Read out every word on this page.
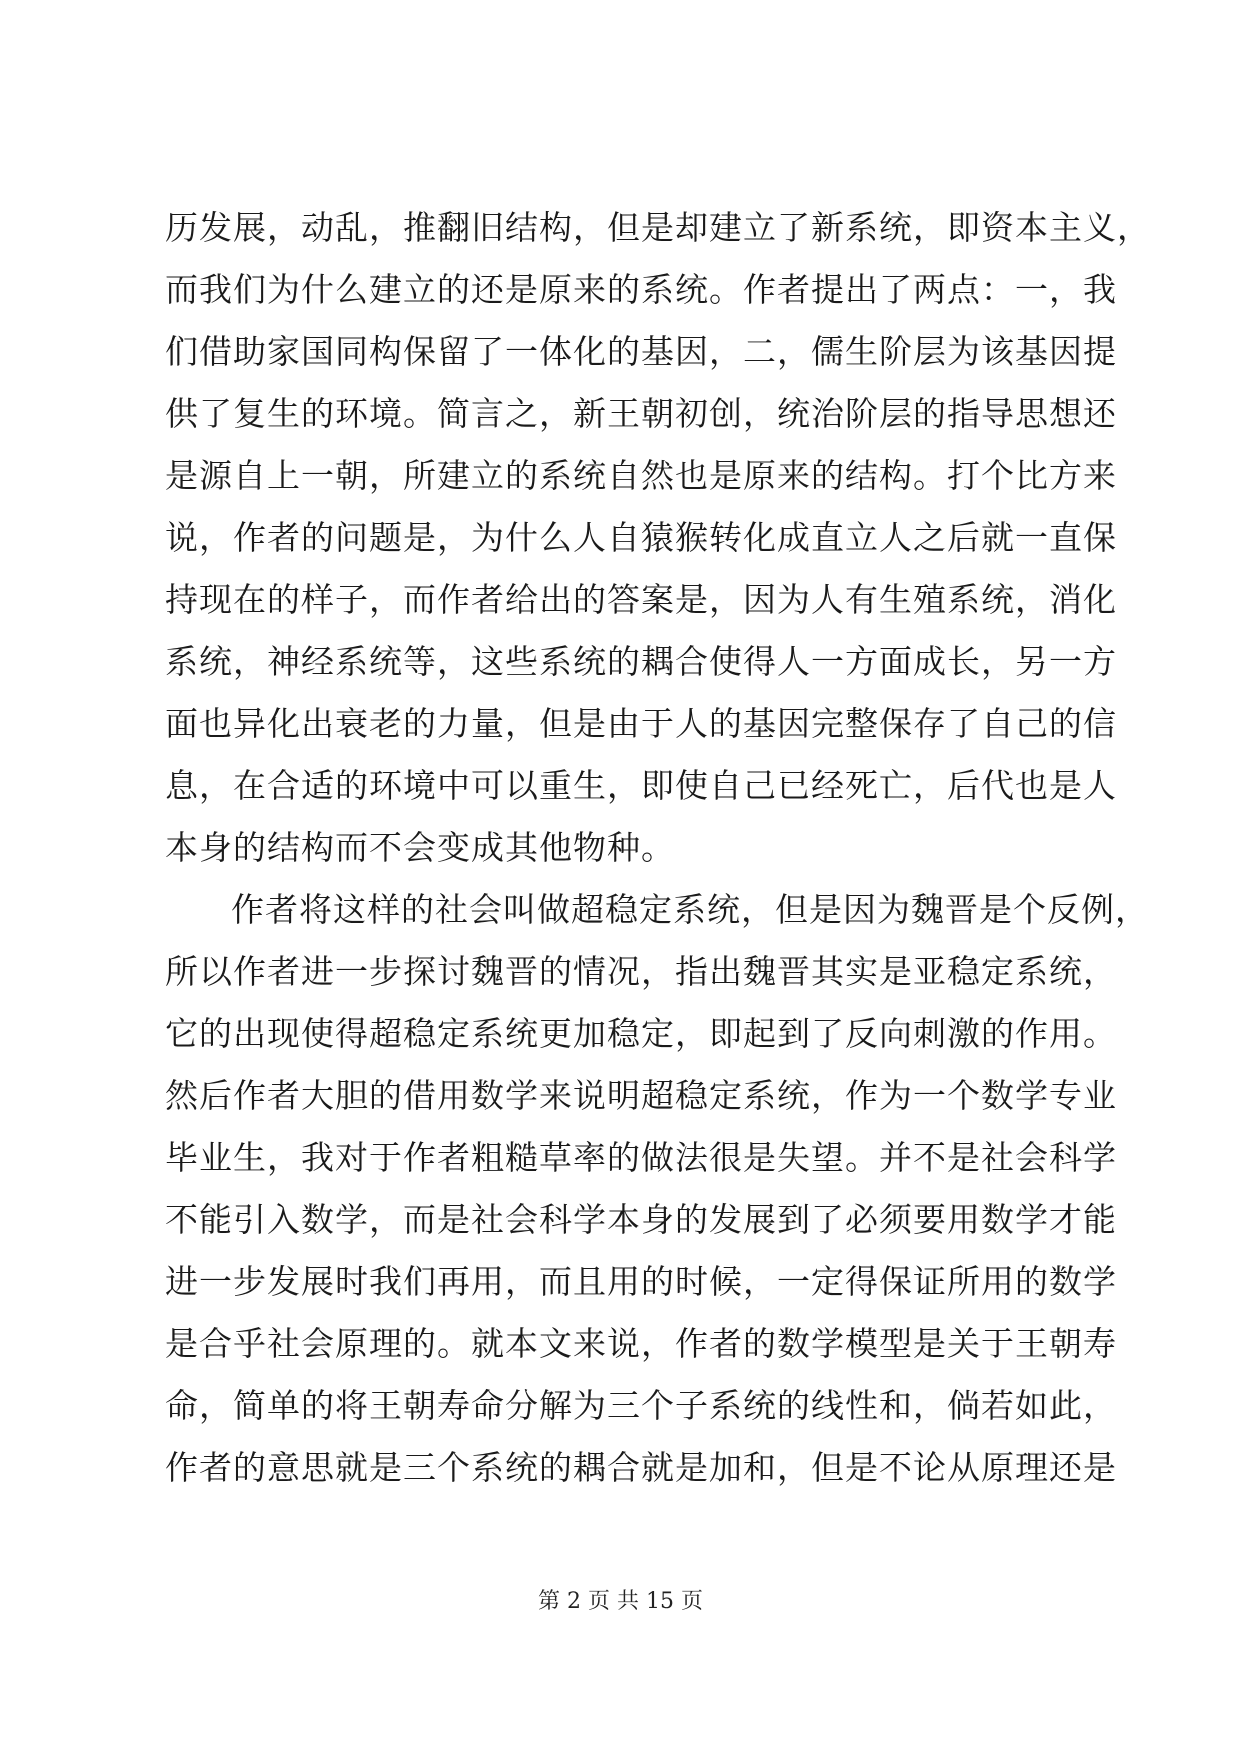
历发展，动乱，推翻旧结构，但是却建立了新系统，即资本主义，
而我们为什么建立的还是原来的系统。作者提出了两点：一，我
们借助家国同构保留了一体化的基因，二，儒生阶层为该基因提
供了复生的环境。简言之，新王朝初创，统治阶层的指导思想还
是源自上一朝，所建立的系统自然也是原来的结构。打个比方来
说，作者的问题是，为什么人自猿猴转化成直立人之后就一直保
持现在的样子，而作者给出的答案是，因为人有生殖系统，消化
系统，神经系统等，这些系统的耦合使得人一方面成长，另一方
面也异化出衰老的力量，但是由于人的基因完整保存了自己的信
息，在合适的环境中可以重生，即使自己已经死亡，后代也是人
本身的结构而不会变成其他物种。
作者将这样的社会叫做超稳定系统，但是因为魏晋是个反例，
所以作者进一步探讨魏晋的情况，指出魏晋其实是亚稳定系统，
它的出现使得超稳定系统更加稳定，即起到了反向刺激的作用。
然后作者大胆的借用数学来说明超稳定系统，作为一个数学专业
毕业生，我对于作者粗糙草率的做法很是失望。并不是社会科学
不能引入数学，而是社会科学本身的发展到了必须要用数学才能
进一步发展时我们再用，而且用的时候，一定得保证所用的数学
是合乎社会原理的。就本文来说，作者的数学模型是关于王朝寿
命，简单的将王朝寿命分解为三个子系统的线性和，倘若如此，
作者的意思就是三个系统的耦合就是加和，但是不论从原理还是
第 2 页 共 15 页
